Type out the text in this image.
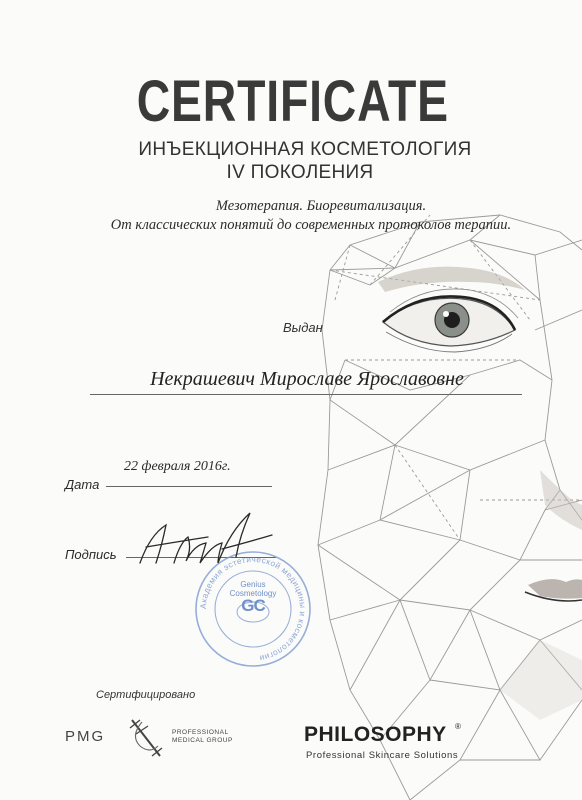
CERTIFICATE
ИНЪЕКЦИОННАЯ КОСМЕТОЛОГИЯ
IV ПОКОЛЕНИЯ
Мезотерапия. Биоревитализация.
От классических понятий до современных протоколов терапии.
Выдан
Некрашевич Мирославе Ярославовне
22 февраля 2016г.
Дата
Подпись
Академия эстетической медицины и косметологии
Genius Cosmetology
GC
Сертифицировано
PMG	PROFESSIONAL
MEDICAL GROUP	PHILOSOPHY ®
Professional Skincare Solutions
